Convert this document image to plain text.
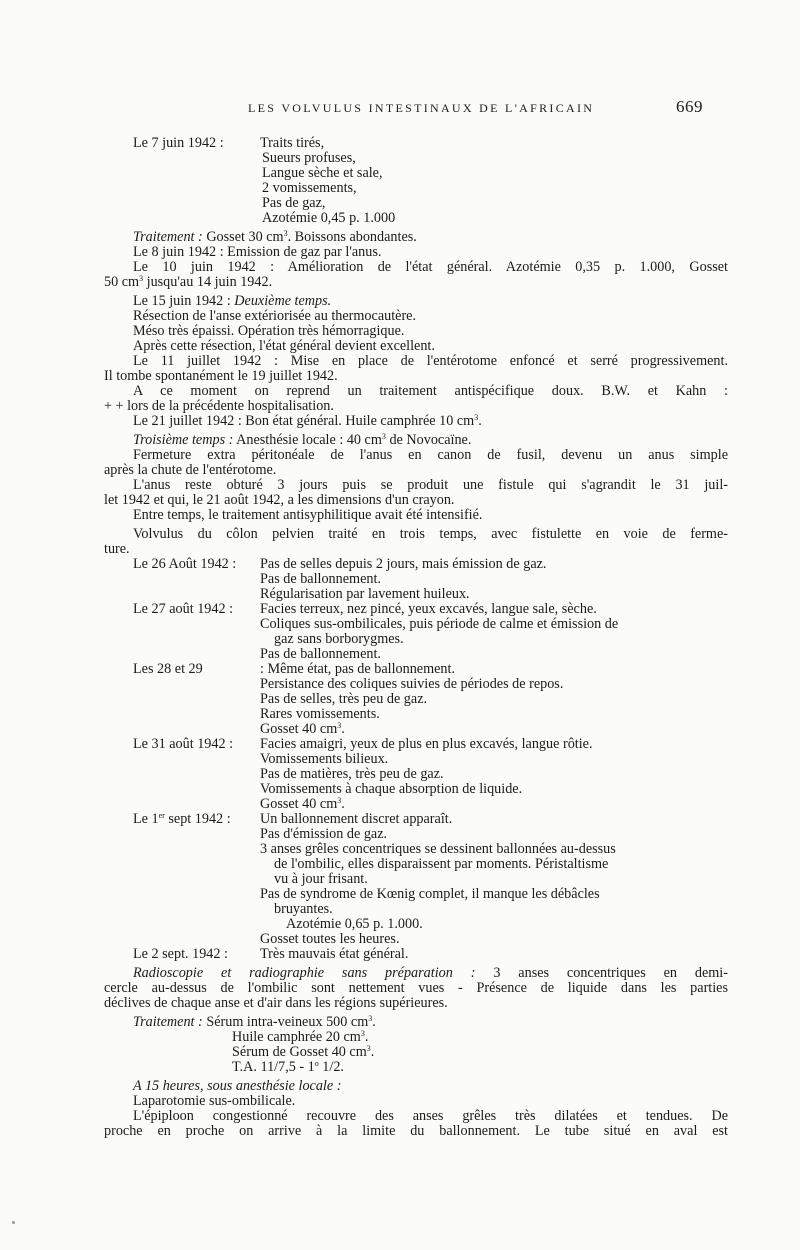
LES VOLVULUS INTESTINAUX DE L'AFRICAIN	669
Le 7 juin 1942 :	Traits tirés,
Sueurs profuses,
Langue sèche et sale,
2 vomissements,
Pas de gaz,
Azotémie 0,45 p. 1.000
Traitement : Gosset 30 $cm^3$. Boissons abondantes.
Le 8 juin 1942 : Emission de gaz par l'anus.
Le 10 juin 1942 : Amélioration de l'état général. Azotémie 0,35 p. 1.000, Gosset
50 $cm^3$ jusqu'au 14 juin 1942.
Le 15 juin 1942 : Deuxième temps.
Résection de l'anse extériorisée au thermocautère.
Méso très épaissi. Opération très hémorragique.
Après cette résection, l'état général devient excellent.
Le 11 juillet 1942 : Mise en place de l'entérotome enfoncé et serré progressivement.
Il tombe spontanément le 19 juillet 1942.
A ce moment on reprend un traitement antispécifique doux. B.W. et Kahn :
+ + lors de la précédente hospitalisation.
Le 21 juillet 1942 : Bon état général. Huile camphrée 10 $cm^3$.
Troisième temps : Anesthésie locale : 40 $cm^3$ de Novocaïne.
Fermeture extra péritonéale de l'anus en canon de fusil, devenu un anus simple
après la chute de l'entérotome.
L'anus reste obturé 3 jours puis se produit une fistule qui s'agrandit le 31 juil-
let 1942 et qui, le 21 août 1942, a les dimensions d'un crayon.
Entre temps, le traitement antisyphilitique avait été intensifié.
Volvulus du côlon pelvien traité en trois temps, avec fistulette en voie de ferme-
ture.
Le 26 Août 1942 : Pas de selles depuis 2 jours, mais émission de gaz.
Pas de ballonnement.
Régularisation par lavement huileux.
Le 27 août 1942 : Facies terreux, nez pincé, yeux excavés, langue sale, sèche.
Coliques sus-ombilicales, puis période de calme et émission de
gaz sans borborygmes.
Pas de ballonnement.
Les 28 et 29	: Même état, pas de ballonnement.
Persistance des coliques suivies de périodes de repos.
Pas de selles, très peu de gaz.
Rares vomissements.
Gosset 40 $cm^3$.
Le 31 août 1942 : Facies amaigri, yeux de plus en plus excavés, langue rôtie.
Vomissements bilieux.
Pas de matières, très peu de gaz.
Vomissements à chaque absorption de liquide.
Gosset 40 $cm^3$.
Le 1er sept 1942 : Un ballonnement discret apparaît.
Pas d'émission de gaz.
3 anses grêles concentriques se dessinent ballonnées au-dessus
de l'ombilic, elles disparaissent par moments. Péristaltisme
vu à jour frisant.
Pas de syndrome de Kœnig complet, il manque les débâcles
bruyantes.
Azotémie 0,65 p. 1.000.
Gosset toutes les heures.
Le 2 sept. 1942 : Très mauvais état général.
Radioscopie et radiographie sans préparation : 3 anses concentriques en demi-
cercle au-dessus de l'ombilic sont nettement vues - Présence de liquide dans les parties
déclives de chaque anse et d'air dans les régions supérieures.
Traitement : Sérum intra-veineux 500 $cm^3$.
Huile camphrée 20 $cm^3$.
Sérum de Gosset 40 $cm^3$.
T.A. 11/7,5 - 1$^o$ 1/2.
A 15 heures, sous anesthésie locale :
Laparotomie sus-ombilicale.
L'épiploon congestionné recouvre des anses grêles très dilatées et tendues. De
proche en proche on arrive à la limite du ballonnement. Le tube situé en aval est
